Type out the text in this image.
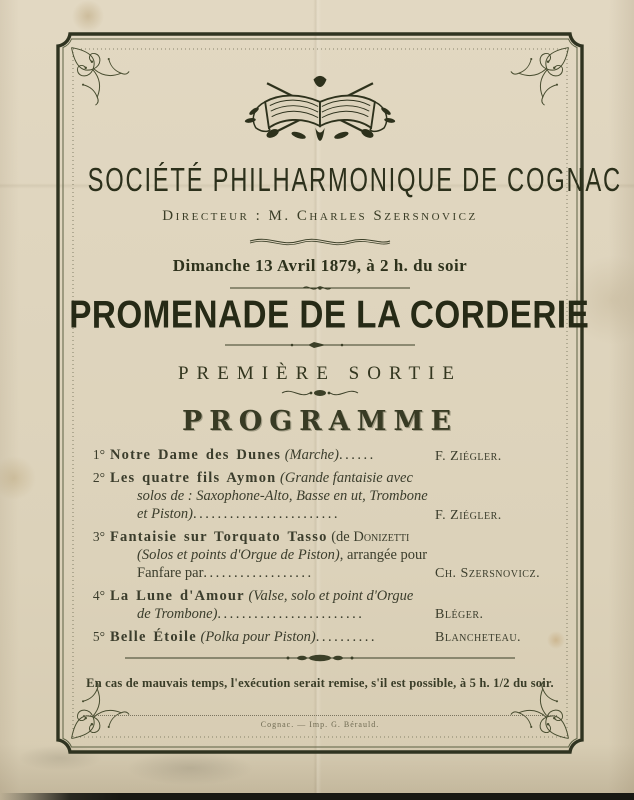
SOCIÉTÉ PHILHARMONIQUE DE COGNAC
Directeur : M. Charles Szersnovicz
Dimanche 13 Avril 1879, à 2 h. du soir
PROMENADE DE LA CORDERIE
PREMIÈRE SORTIE
PROGRAMME
1° Notre Dame des Dunes (Marche)......	F. Ziégler.
2° Les quatre fils Aymon (Grande fantaisie avec solos de : Saxophone-Alto, Basse en ut, Trombone et Piston)........................	F. Ziégler.
3° Fantaisie sur Torquato Tasso (de Donizetti (Solos et points d'Orgue de Piston), arrangée pour Fanfare par..................	Ch. Szersnovicz.
4° La Lune d'Amour (Valse, solo et point d'Orgue de Trombone)........................	Bléger.
5° Belle Étoile (Polka pour Piston)..........	Blancheteau.
En cas de mauvais temps, l'exécution serait remise, s'il est possible, à 5 h. 1/2 du soir.
Cognac. — Imp. G. Bérauld.
